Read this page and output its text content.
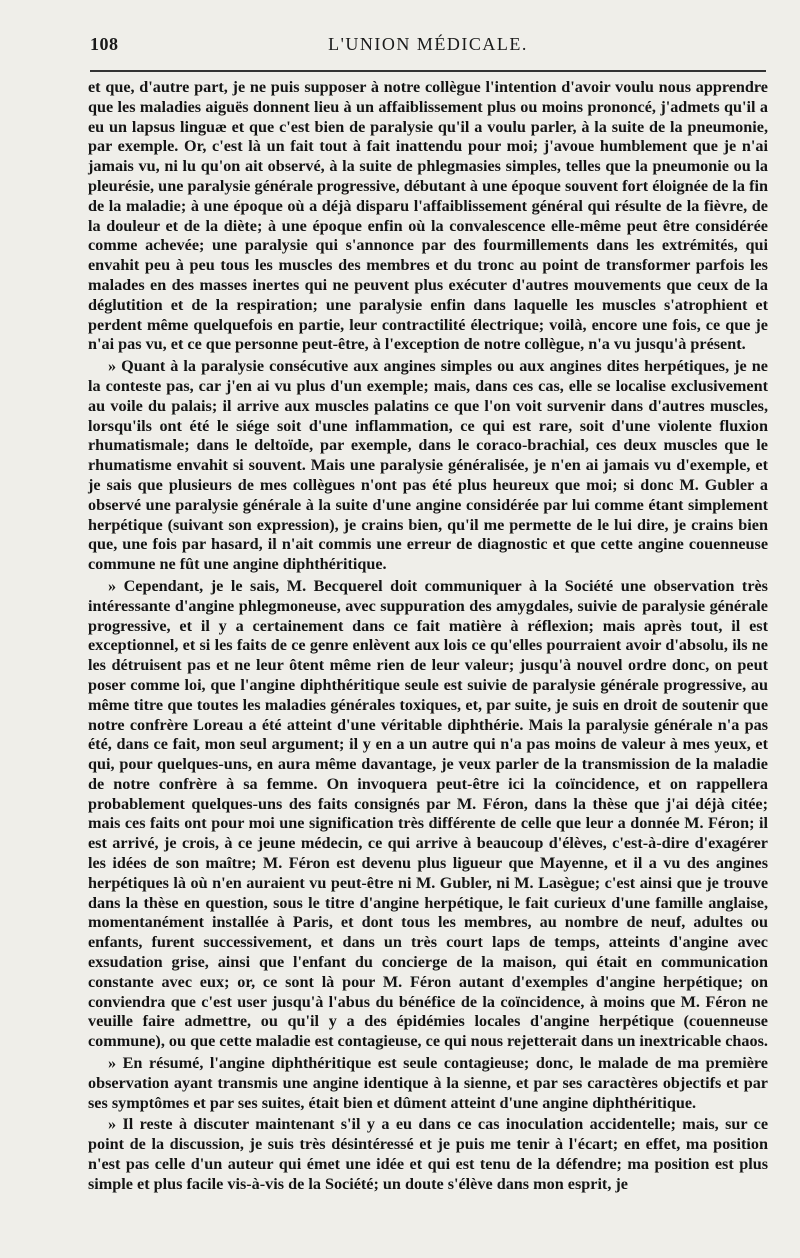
108	L'UNION MÉDICALE.

et que, d'autre part, je ne puis supposer à notre collègue l'intention d'avoir voulu nous apprendre que les maladies aiguës donnent lieu à un affaiblissement plus ou moins prononcé, j'admets qu'il a eu un lapsus linguæ et que c'est bien de paralysie qu'il a voulu parler, à la suite de la pneumonie, par exemple. Or, c'est là un fait tout à fait inattendu pour moi; j'avoue humblement que je n'ai jamais vu, ni lu qu'on ait observé, à la suite de phlegmasies simples, telles que la pneumonie ou la pleurésie, une paralysie générale progressive, débutant à une époque souvent fort éloignée de la fin de la maladie; à une époque où a déjà disparu l'affaiblissement général qui résulte de la fièvre, de la douleur et de la diète; à une époque enfin où la convalescence elle-même peut être considérée comme achevée; une paralysie qui s'annonce par des fourmillements dans les extrémités, qui envahit peu à peu tous les muscles des membres et du tronc au point de transformer parfois les malades en des masses inertes qui ne peuvent plus exécuter d'autres mouvements que ceux de la déglutition et de la respiration; une paralysie enfin dans laquelle les muscles s'atrophient et perdent même quelquefois en partie, leur contractilité électrique; voilà, encore une fois, ce que je n'ai pas vu, et ce que personne peut-être, à l'exception de notre collègue, n'a vu jusqu'à présent.

» Quant à la paralysie consécutive aux angines simples ou aux angines dites herpétiques, je ne la conteste pas, car j'en ai vu plus d'un exemple; mais, dans ces cas, elle se localise exclusivement au voile du palais; il arrive aux muscles palatins ce que l'on voit survenir dans d'autres muscles, lorsqu'ils ont été le siége soit d'une inflammation, ce qui est rare, soit d'une violente fluxion rhumatismale; dans le deltoïde, par exemple, dans le coraco-brachial, ces deux muscles que le rhumatisme envahit si souvent. Mais une paralysie généralisée, je n'en ai jamais vu d'exemple, et je sais que plusieurs de mes collègues n'ont pas été plus heureux que moi; si donc M. Gubler a observé une paralysie générale à la suite d'une angine considérée par lui comme étant simplement herpétique (suivant son expression), je crains bien, qu'il me permette de le lui dire, je crains bien que, une fois par hasard, il n'ait commis une erreur de diagnostic et que cette angine couenneuse commune ne fût une angine diphthéritique.

» Cependant, je le sais, M. Becquerel doit communiquer à la Société une observation très intéressante d'angine phlegmoneuse, avec suppuration des amygdales, suivie de paralysie générale progressive, et il y a certainement dans ce fait matière à réflexion; mais après tout, il est exceptionnel, et si les faits de ce genre enlèvent aux lois ce qu'elles pourraient avoir d'absolu, ils ne les détruisent pas et ne leur ôtent même rien de leur valeur; jusqu'à nouvel ordre donc, on peut poser comme loi, que l'angine diphthéritique seule est suivie de paralysie générale progressive, au même titre que toutes les maladies générales toxiques, et, par suite, je suis en droit de soutenir que notre confrère Loreau a été atteint d'une véritable diphthérie. Mais la paralysie générale n'a pas été, dans ce fait, mon seul argument; il y en a un autre qui n'a pas moins de valeur à mes yeux, et qui, pour quelques-uns, en aura même davantage, je veux parler de la transmission de la maladie de notre confrère à sa femme. On invoquera peut-être ici la coïncidence, et on rappellera probablement quelques-uns des faits consignés par M. Féron, dans la thèse que j'ai déjà citée; mais ces faits ont pour moi une signification très différente de celle que leur a donnée M. Féron; il est arrivé, je crois, à ce jeune médecin, ce qui arrive à beaucoup d'élèves, c'est-à-dire d'exagérer les idées de son maître; M. Féron est devenu plus ligueur que Mayenne, et il a vu des angines herpétiques là où n'en auraient vu peut-être ni M. Gubler, ni M. Lasègue; c'est ainsi que je trouve dans la thèse en question, sous le titre d'angine herpétique, le fait curieux d'une famille anglaise, momentanément installée à Paris, et dont tous les membres, au nombre de neuf, adultes ou enfants, furent successivement, et dans un très court laps de temps, atteints d'angine avec exsudation grise, ainsi que l'enfant du concierge de la maison, qui était en communication constante avec eux; or, ce sont là pour M. Féron autant d'exemples d'angine herpétique; on conviendra que c'est user jusqu'à l'abus du bénéfice de la coïncidence, à moins que M. Féron ne veuille faire admettre, ou qu'il y a des épidémies locales d'angine herpétique (couenneuse commune), ou que cette maladie est contagieuse, ce qui nous rejetterait dans un inextricable chaos.

» En résumé, l'angine diphthéritique est seule contagieuse; donc, le malade de ma première observation ayant transmis une angine identique à la sienne, et par ses caractères objectifs et par ses symptômes et par ses suites, était bien et dûment atteint d'une angine diphthéritique.

» Il reste à discuter maintenant s'il y a eu dans ce cas inoculation accidentelle; mais, sur ce point de la discussion, je suis très désintéressé et je puis me tenir à l'écart; en effet, ma position n'est pas celle d'un auteur qui émet une idée et qui est tenu de la défendre; ma position est plus simple et plus facile vis-à-vis de la Société; un doute s'élève dans mon esprit, je
